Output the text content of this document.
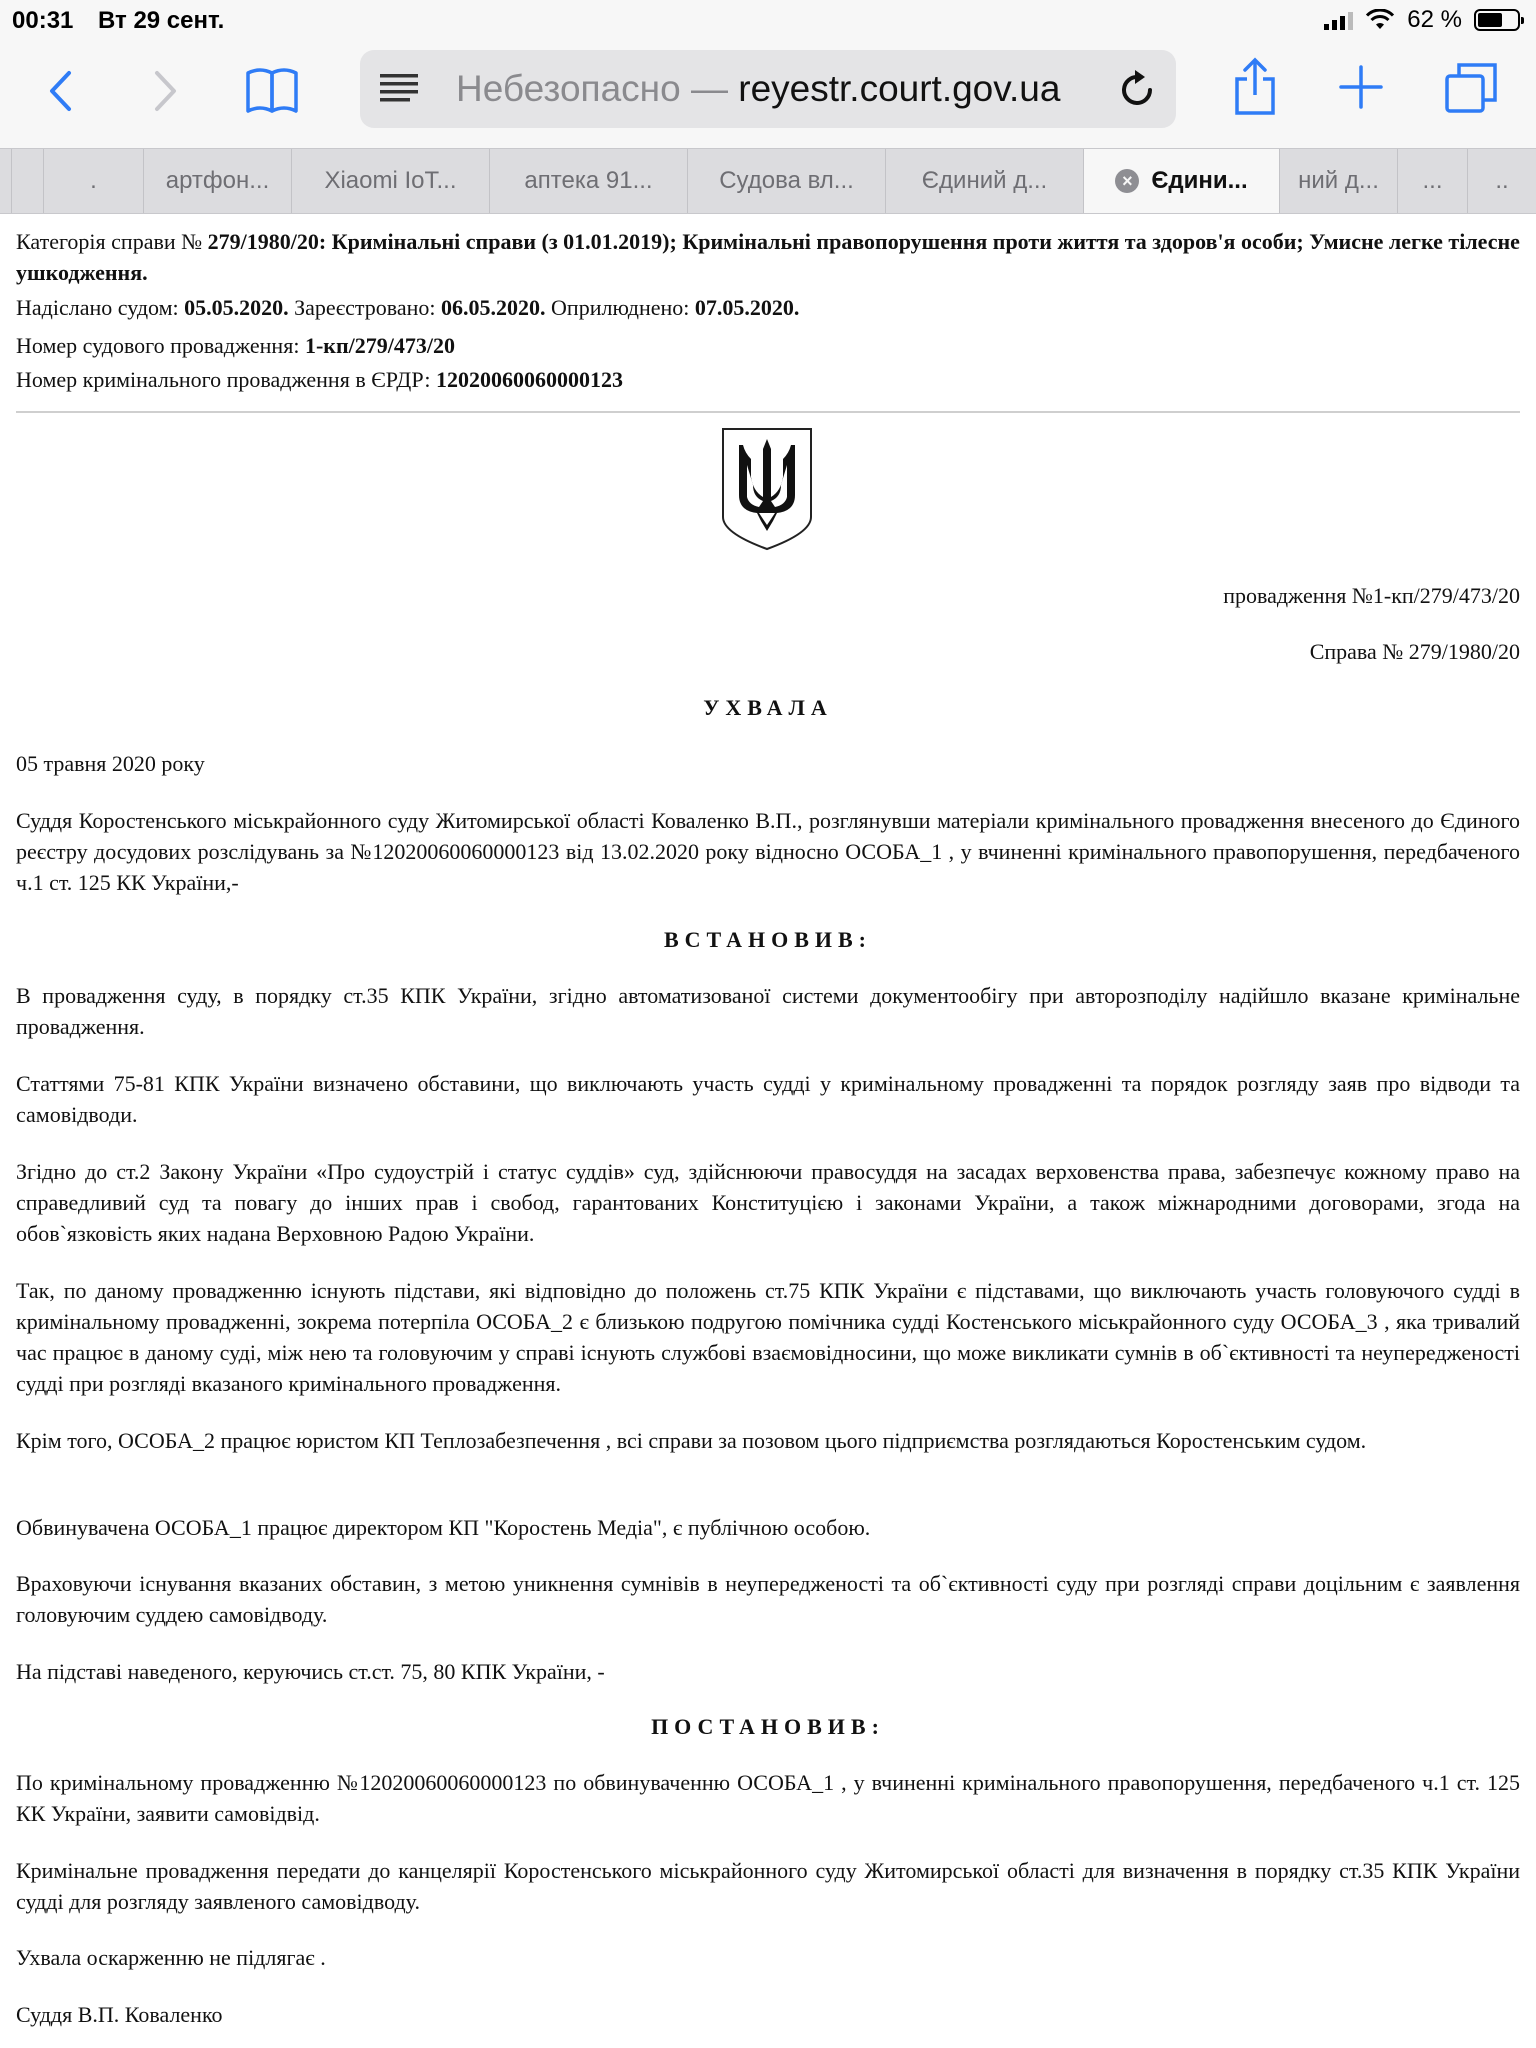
00:31 Вт 29 сент.	62 %
Небезопасно — reyestr.court.gov.ua
.	артфон... Xiaomi IoT...	аптека 91...	Судова вл...	Єдиний д...	× Єдини... ний д... ... ..
Категорія справи № 279/1980/20: Кримінальні справи (з 01.01.2019); Кримінальні правопорушення проти життя та здоров'я особи; Умисне легке тілесне ушкодження.
Надіслано судом: 05.05.2020. Зареєстровано: 06.05.2020. Оприлюднено: 07.05.2020.
Номер судового провадження: 1-кп/279/473/20
Номер кримінального провадження в ЄРДР: 12020060060000123
провадження №1-кп/279/473/20
Справа № 279/1980/20
УХВАЛА
05 травня 2020 року
Суддя Коростенського міськрайонного суду Житомирської області Коваленко В.П., розглянувши матеріали кримінального провадження внесеного до Єдиного реєстру досудових розслідувань за №12020060060000123 від 13.02.2020 року відносно ОСОБА_1 , у вчиненні кримінального правопорушення, передбаченого ч.1 ст. 125 КК України,-
ВСТАНОВИВ:
В провадження суду, в порядку ст.35 КПК України, згідно автоматизованої системи документообігу при авторозподілу надійшло вказане кримінальне провадження.
Статтями 75-81 КПК України визначено обставини, що виключають участь судді у кримінальному провадженні та порядок розгляду заяв про відводи та самовідводи.
Згідно до ст.2 Закону України «Про судоустрій і статус суддів» суд, здійснюючи правосуддя на засадах верховенства права, забезпечує кожному право на справедливий суд та повагу до інших прав і свобод, гарантованих Конституцією і законами України, а також міжнародними договорами, згода на обов`язковість яких надана Верховною Радою України.
Так, по даному провадженню існують підстави, які відповідно до положень ст.75 КПК України є підставами, що виключають участь головуючого судді в кримінальному провадженні, зокрема потерпіла ОСОБА_2 є близькою подругою помічника судді Костенського міськрайонного суду ОСОБА_3 , яка тривалий час працює в даному суді, між нею та головуючим у справі існують службові взаємовідносини, що може викликати сумнів в об`єктивності та неупередженості судді при розгляді вказаного кримінального провадження.
Крім того, ОСОБА_2 працює юристом КП Теплозабезпечення , всі справи за позовом цього підприємства розглядаються Коростенським судом.
Обвинувачена ОСОБА_1 працює директором КП "Коростень Медіа", є публічною особою.
Враховуючи існування вказаних обставин, з метою уникнення сумнівів в неупередженості та об`єктивності суду при розгляді справи доцільним є заявлення головуючим суддею самовідводу.
На підставі наведеного, керуючись ст.ст. 75, 80 КПК України, -
ПОСТАНОВИВ:
По кримінальному провадженню №12020060060000123 по обвинуваченню ОСОБА_1 , у вчиненні кримінального правопорушення, передбаченого ч.1 ст. 125 КК України, заявити самовідвід.
Кримінальне провадження передати до канцелярії Коростенського міськрайонного суду Житомирської області для визначення в порядку ст.35 КПК України судді для розгляду заявленого самовідводу.
Ухвала оскарженню не підлягає .
Суддя В.П. Коваленко
